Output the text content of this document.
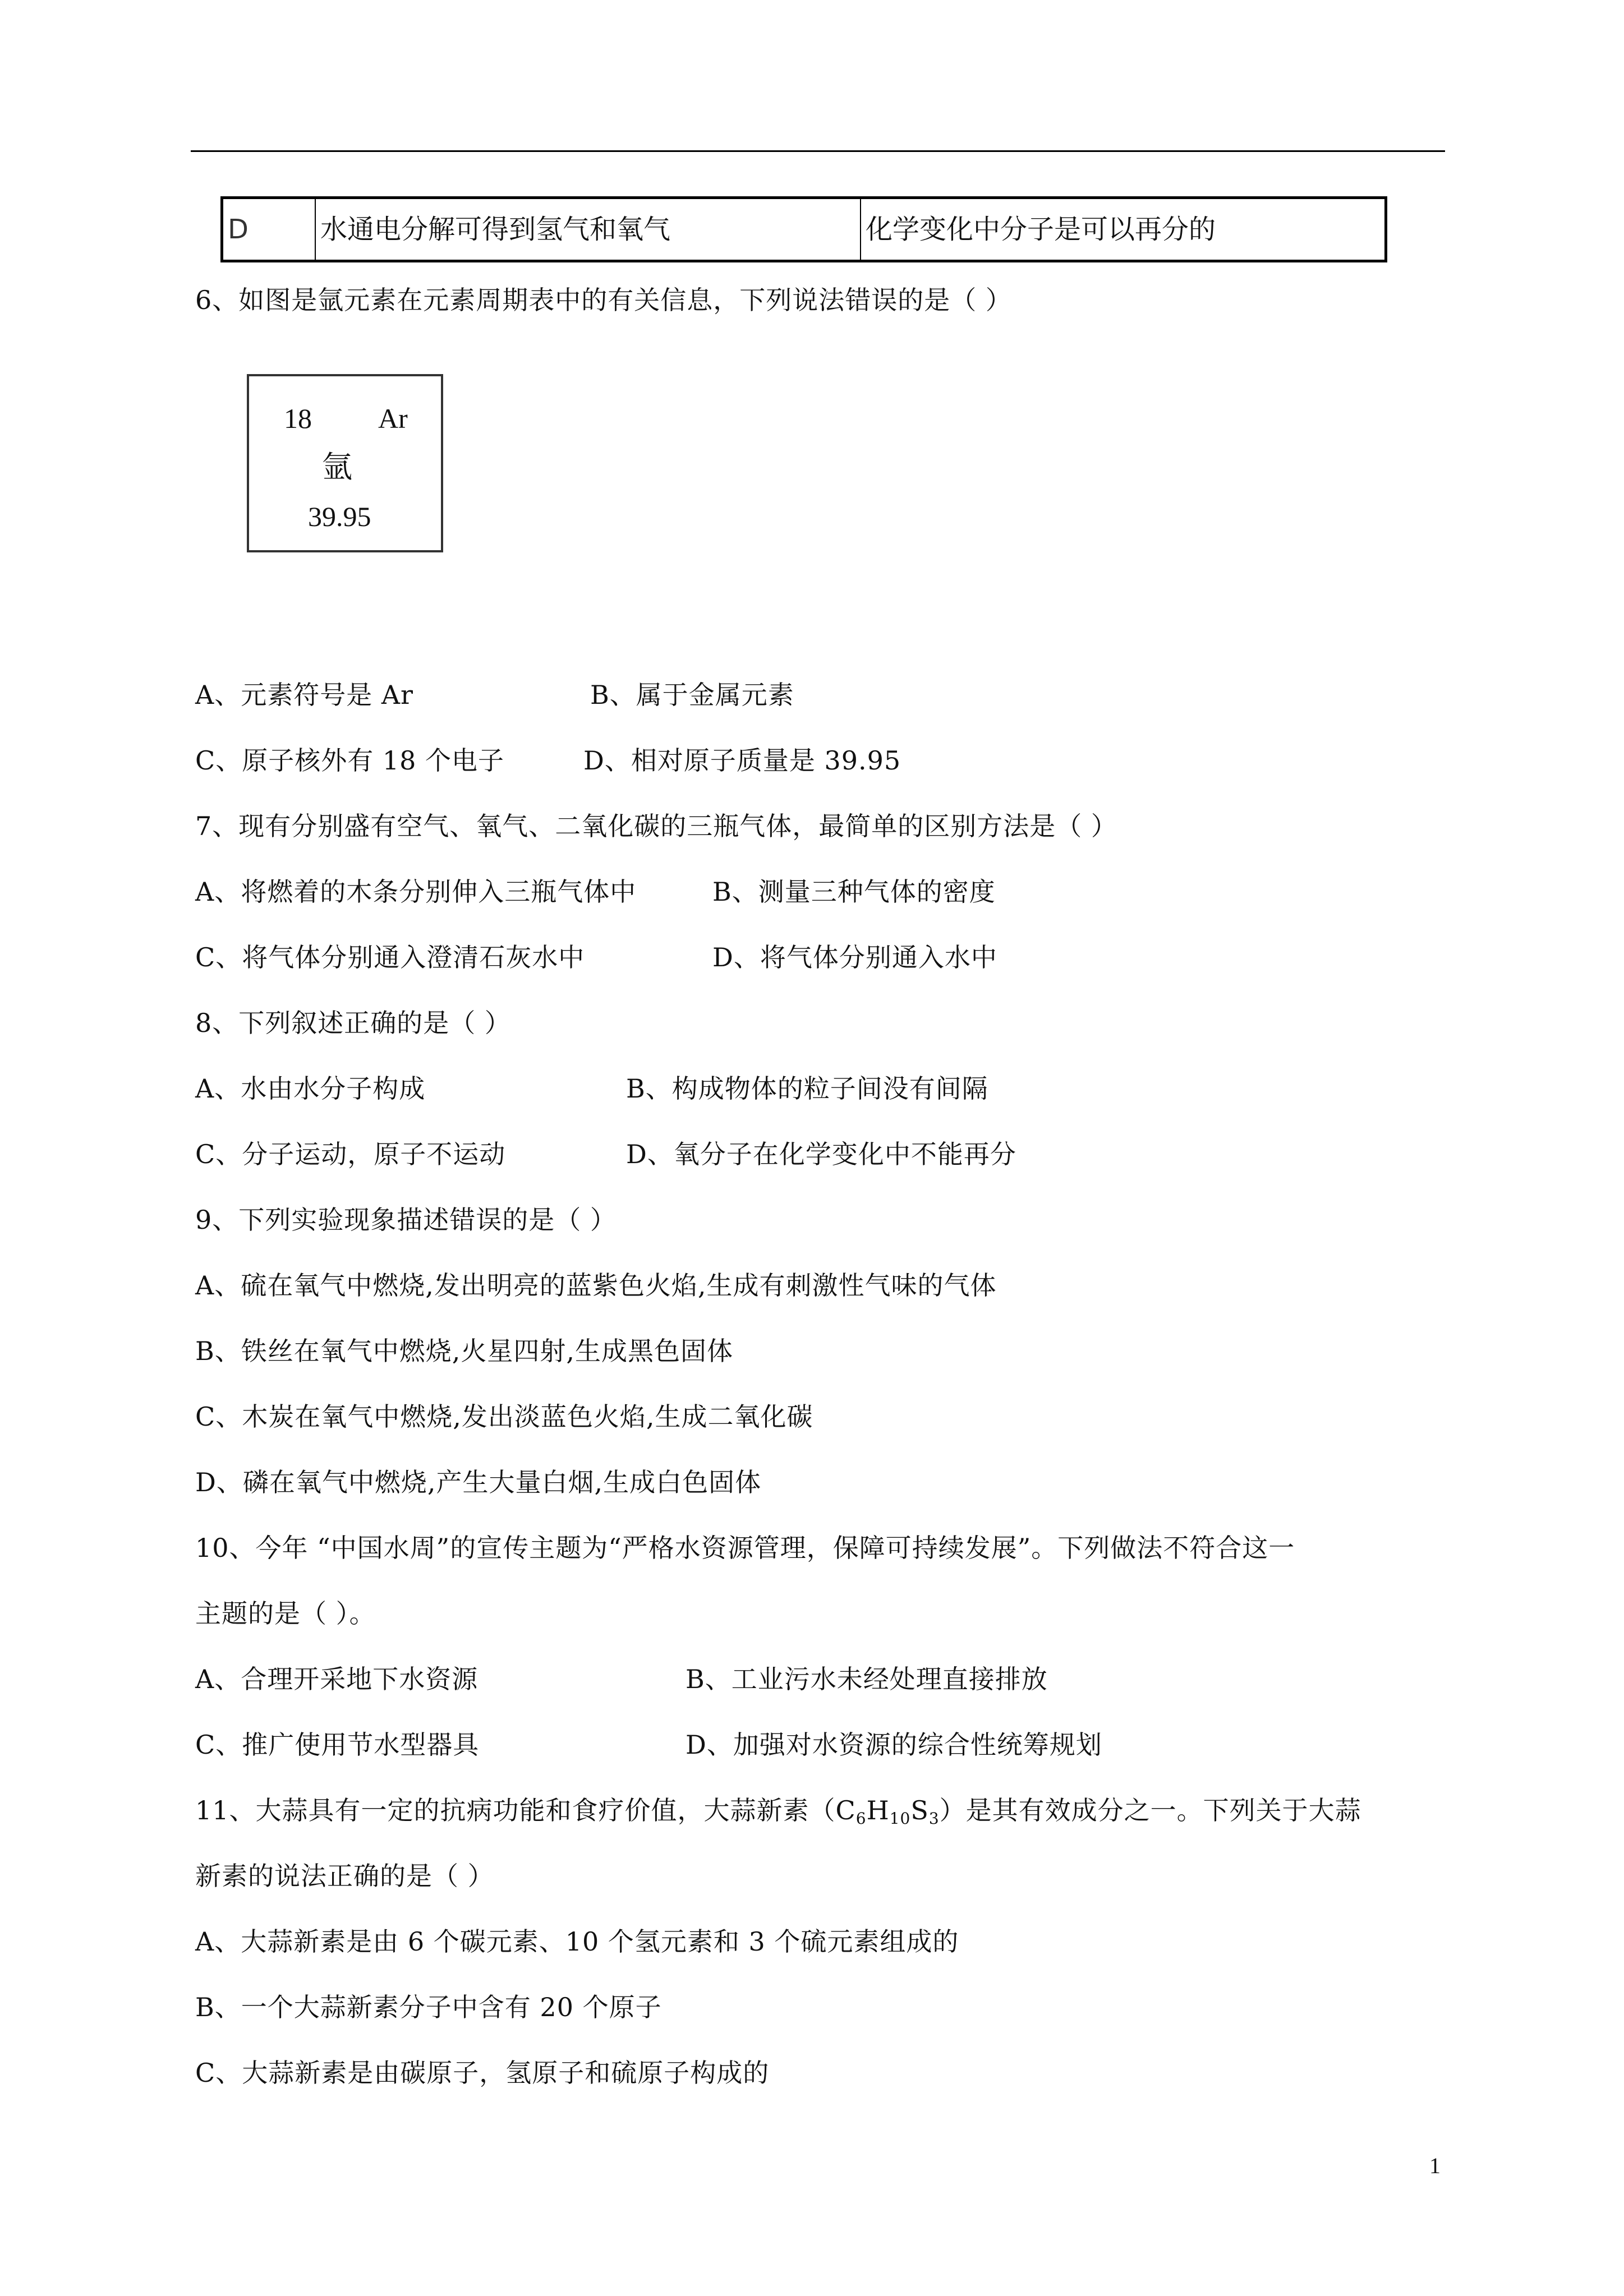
D	水通电分解可得到氢气和氧气	化学变化中分子是可以再分的
6、如图是氩元素在元素周期表中的有关信息，下列说法错误的是（ ）
18 Ar
氩
39.95
A、元素符号是 Ar	B、属于金属元素
C、原子核外有 18 个电子	D、相对原子质量是 39.95
7、现有分别盛有空气、氧气、二氧化碳的三瓶气体，最简单的区别方法是（ ）
A、将燃着的木条分别伸入三瓶气体中	B、测量三种气体的密度
C、将气体分别通入澄清石灰水中	D、将气体分别通入水中
8、下列叙述正确的是（ ）
A、水由水分子构成	B、构成物体的粒子间没有间隔
C、分子运动，原子不运动	D、氧分子在化学变化中不能再分
9、下列实验现象描述错误的是（ ）
A、硫在氧气中燃烧,发出明亮的蓝紫色火焰,生成有刺激性气味的气体
B、铁丝在氧气中燃烧,火星四射,生成黑色固体
C、木炭在氧气中燃烧,发出淡蓝色火焰,生成二氧化碳
D、磷在氧气中燃烧,产生大量白烟,生成白色固体
10、今年 “中国水周”的宣传主题为“严格水资源管理，保障可持续发展”。下列做法不符合这一
主题的是（ ）。
A、合理开采地下水资源	B、工业污水未经处理直接排放
C、推广使用节水型器具	D、加强对水资源的综合性统筹规划
11、大蒜具有一定的抗病功能和食疗价值，大蒜新素$(C_6H_{10}S_3)$是其有效成分之一。下列关于大蒜
新素的说法正确的是（ ）
A、大蒜新素是由 6 个碳元素、10 个氢元素和 3 个硫元素组成的
B、一个大蒜新素分子中含有 20 个原子
C、大蒜新素是由碳原子，氢原子和硫原子构成的
1
